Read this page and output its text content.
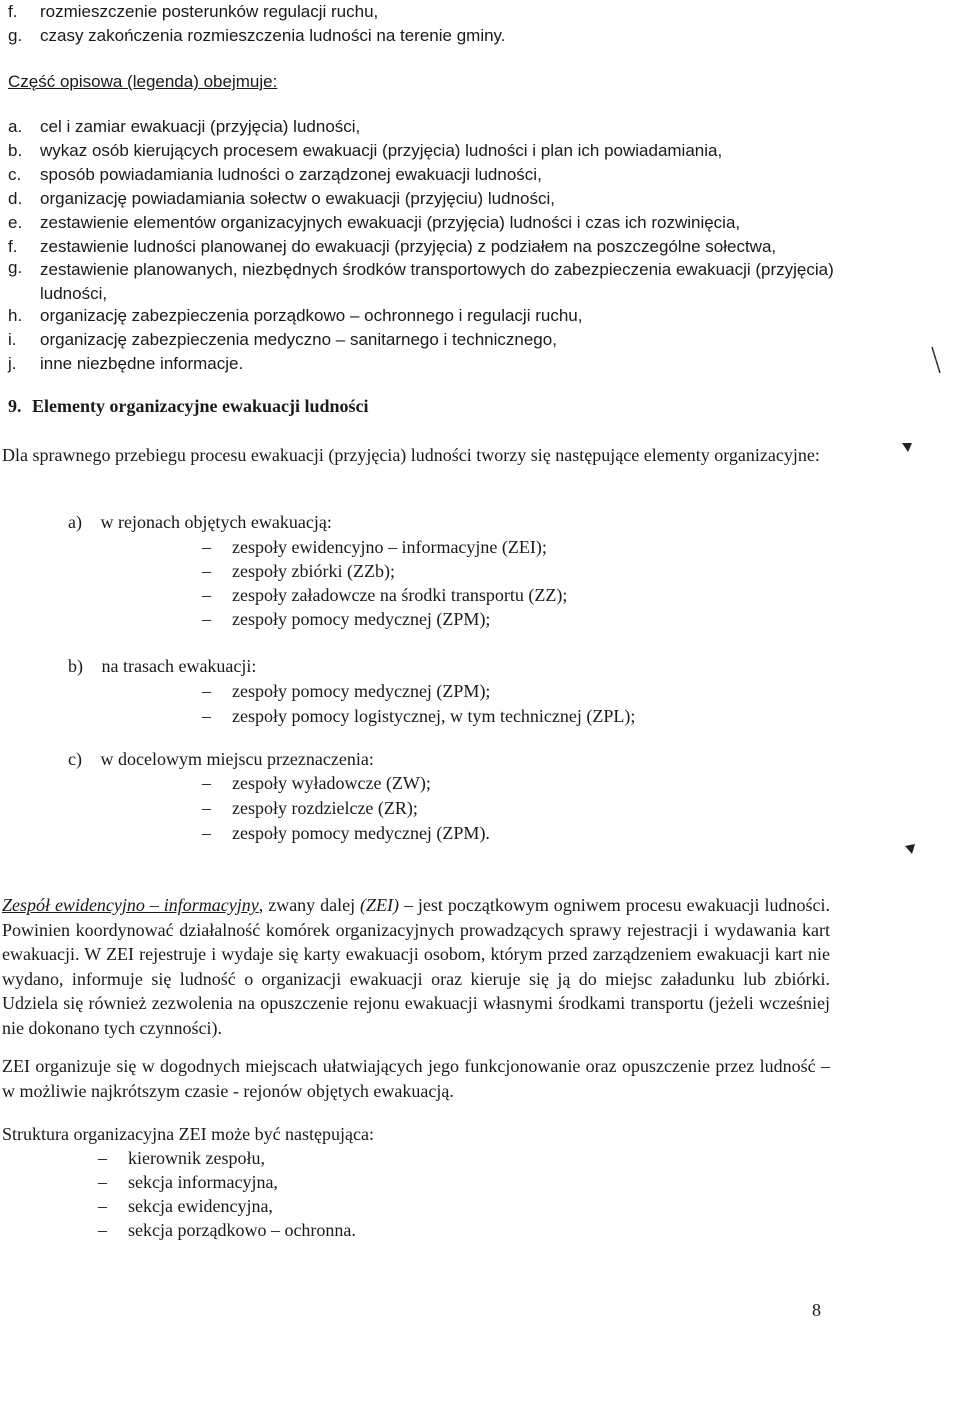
f. rozmieszczenie posterunków regulacji ruchu,
g. czasy zakończenia rozmieszczenia ludności na terenie gminy.
Część opisowa (legenda) obejmuje:
a. cel i zamiar ewakuacji (przyjęcia) ludności,
b. wykaz osób kierujących procesem ewakuacji (przyjęcia) ludności i plan ich powiadamiania,
c. sposób powiadamiania ludności o zarządzonej ewakuacji ludności,
d. organizację powiadamiania sołectw o ewakuacji (przyjęciu) ludności,
e. zestawienie elementów organizacyjnych ewakuacji (przyjęcia) ludności i czas ich rozwinięcia,
f. zestawienie ludności planowanej do ewakuacji (przyjęcia) z podziałem na poszczególne sołectwa,
g. zestawienie planowanych, niezbędnych środków transportowych do zabezpieczenia ewakuacji (przyjęcia) ludności,
h. organizację zabezpieczenia porządkowo – ochronnego i regulacji ruchu,
i. organizację zabezpieczenia medyczno – sanitarnego i technicznego,
j. inne niezbędne informacje.
9. Elementy organizacyjne ewakuacji ludności
Dla sprawnego przebiegu procesu ewakuacji (przyjęcia) ludności tworzy się następujące elementy organizacyjne:
a) w rejonach objętych ewakuacją:
– zespoły ewidencyjno – informacyjne (ZEI);
– zespoły zbiórki (ZZb);
– zespoły załadowcze na środki transportu (ZZ);
– zespoły pomocy medycznej (ZPM);
b) na trasach ewakuacji:
– zespoły pomocy medycznej (ZPM);
– zespoły pomocy logistycznej, w tym technicznej (ZPL);
c) w docelowym miejscu przeznaczenia:
– zespoły wyładowcze (ZW);
– zespoły rozdzielcze (ZR);
– zespoły pomocy medycznej (ZPM).
Zespół ewidencyjno – informacyjny, zwany dalej (ZEI) – jest początkowym ogniwem procesu ewakuacji ludności. Powinien koordynować działalność komórek organizacyjnych prowadzących sprawy rejestracji i wydawania kart ewakuacji. W ZEI rejestruje i wydaje się karty ewakuacji osobom, którym przed zarządzeniem ewakuacji kart nie wydano, informuje się ludność o organizacji ewakuacji oraz kieruje się ją do miejsc załadunku lub zbiórki. Udziela się również zezwolenia na opuszczenie rejonu ewakuacji własnymi środkami transportu (jeżeli wcześniej nie dokonano tych czynności).
ZEI organizuje się w dogodnych miejscach ułatwiających jego funkcjonowanie oraz opuszczenie przez ludność – w możliwie najkrótszym czasie - rejonów objętych ewakuacją.
Struktura organizacyjna ZEI może być następująca:
– kierownik zespołu,
– sekcja informacyjna,
– sekcja ewidencyjna,
– sekcja porządkowo – ochronna.
8
